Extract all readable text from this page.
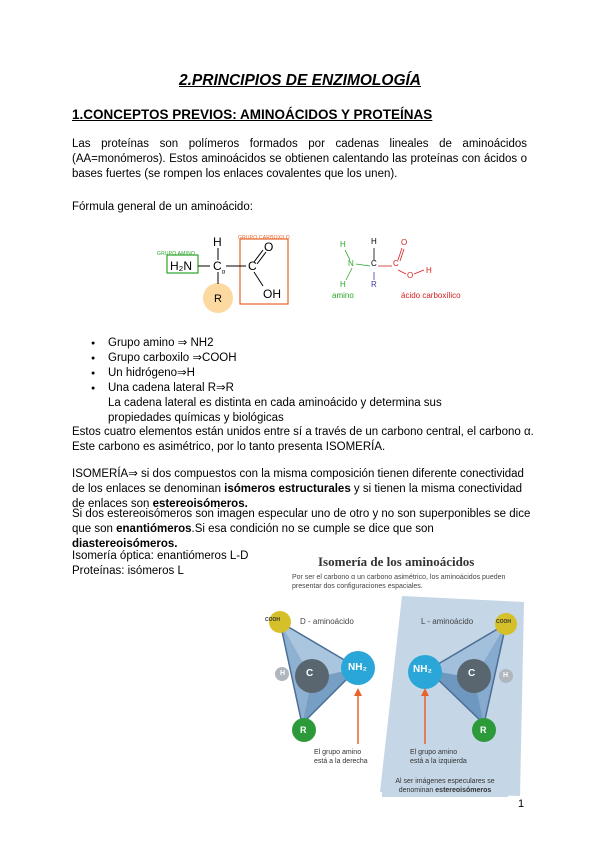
2.PRINCIPIOS DE ENZIMOLOGÍA
1.CONCEPTOS PREVIOS: AMINOÁCIDOS Y PROTEÍNAS
Las proteínas son polímeros formados por cadenas lineales de aminoácidos (AA=monómeros). Estos aminoácidos se obtienen calentando las proteínas con ácidos o bases fuertes (se rompen los enlaces covalentes que los unen).
Fórmula general de un aminoácido:
GRUPO AMINO
GRUPO CARBOXILO
H
H₂N $C_\alpha$ C
O
OH
R
H
N
H
H
C C
O
O
H
R
amino	ácido carboxílico
● Grupo amino ⇒ NH2
● Grupo carboxilo ⇒COOH
● Un hidrógeno⇒H
● Una cadena lateral R⇒R
La cadena lateral es distinta en cada aminoácido y determina sus propiedades químicas y biológicas
Estos cuatro elementos están unidos entre sí a través de un carbono central, el carbono α.
Este carbono es asimétrico, por lo tanto presenta ISOMERÍA.
ISOMERÍA⇒ si dos compuestos con la misma composición tienen diferente conectividad de los enlaces se denominan isómeros estructurales y si tienen la misma conectividad de enlaces son estereoisómeros.
Si dos estereoisómeros son imagen especular uno de otro y no son superponibles se dice que son enantiómeros.Si esa condición no se cumple se dice que son diastereoisómeros.
Isomería óptica: enantiómeros L-D
Proteínas: isómeros L
Isomería de los aminoácidos
Por ser el carbono α un carbono asimétrico, los aminoácidos pueden presentar dos configuraciones espaciales.
COOH	COOH
D - aminoácido	L - aminoácido
H C
NH₂
R
H
C
NH₂
R
El grupo amino
está a la derecha
El grupo amino
está a la izquierda
Al ser imágenes especulares se
denominan estereoisómeros
1
